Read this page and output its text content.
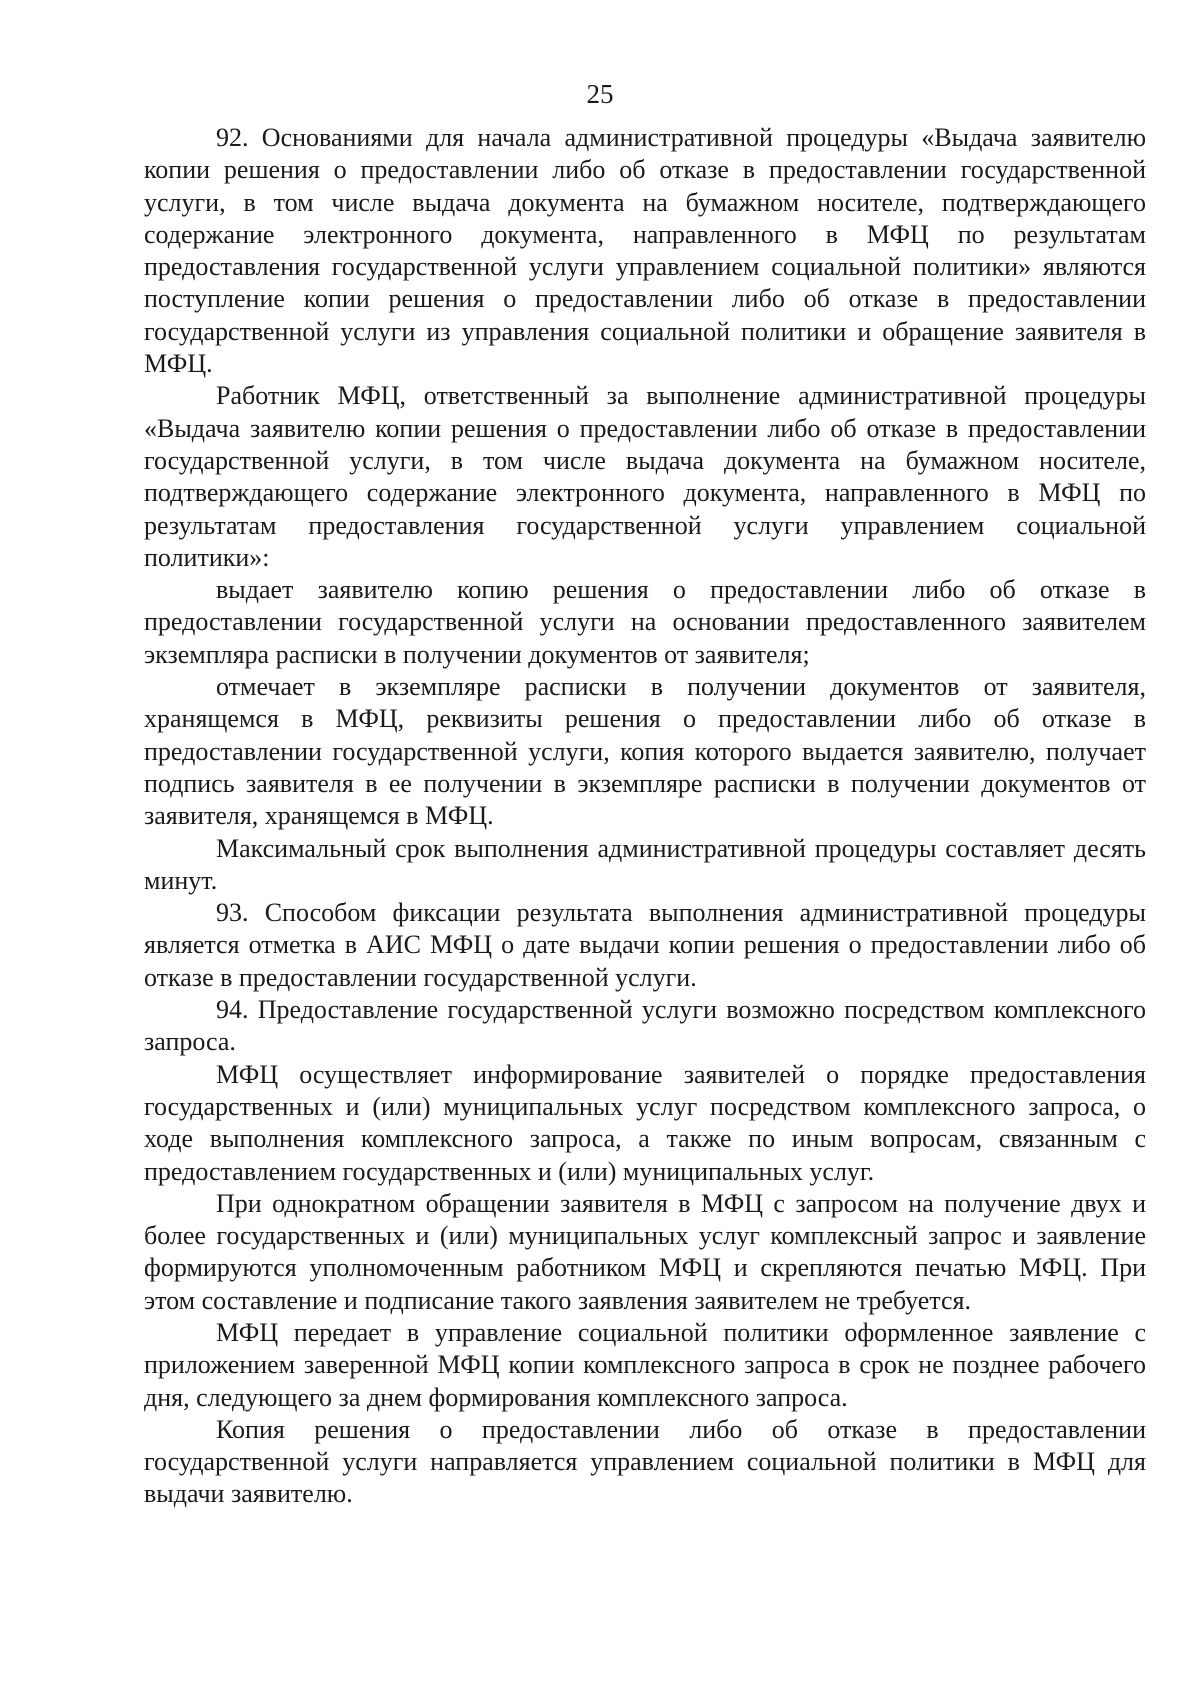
25

92. Основаниями для начала административной процедуры «Выдача заявителю копии решения о предоставлении либо об отказе в предоставлении государственной услуги, в том числе выдача документа на бумажном носителе, подтверждающего содержание электронного документа, направленного в МФЦ по результатам предоставления государственной услуги управлением социальной политики» являются поступление копии решения о предоставлении либо об отказе в предоставлении государственной услуги из управления социальной политики и обращение заявителя в МФЦ.

Работник МФЦ, ответственный за выполнение административной процедуры «Выдача заявителю копии решения о предоставлении либо об отказе в предоставлении государственной услуги, в том числе выдача документа на бумажном носителе, подтверждающего содержание электронного документа, направленного в МФЦ по результатам предоставления государственной услуги управлением социальной политики»:

выдает заявителю копию решения о предоставлении либо об отказе в предоставлении государственной услуги на основании предоставленного заявителем экземпляра расписки в получении документов от заявителя;

отмечает в экземпляре расписки в получении документов от заявителя, хранящемся в МФЦ, реквизиты решения о предоставлении либо об отказе в предоставлении государственной услуги, копия которого выдается заявителю, получает подпись заявителя в ее получении в экземпляре расписки в получении документов от заявителя, хранящемся в МФЦ.

Максимальный срок выполнения административной процедуры составляет десять минут.

93. Способом фиксации результата выполнения административной процедуры является отметка в АИС МФЦ о дате выдачи копии решения о предоставлении либо об отказе в предоставлении государственной услуги.

94. Предоставление государственной услуги возможно посредством комплексного запроса.

МФЦ осуществляет информирование заявителей о порядке предоставления государственных и (или) муниципальных услуг посредством комплексного запроса, о ходе выполнения комплексного запроса, а также по иным вопросам, связанным с предоставлением государственных и (или) муниципальных услуг.

При однократном обращении заявителя в МФЦ с запросом на получение двух и более государственных и (или) муниципальных услуг комплексный запрос и заявление формируются уполномоченным работником МФЦ и скрепляются печатью МФЦ. При этом составление и подписание такого заявления заявителем не требуется.

МФЦ передает в управление социальной политики оформленное заявление с приложением заверенной МФЦ копии комплексного запроса в срок не позднее рабочего дня, следующего за днем формирования комплексного запроса.

Копия решения о предоставлении либо об отказе в предоставлении государственной услуги направляется управлением социальной политики в МФЦ для выдачи заявителю.
